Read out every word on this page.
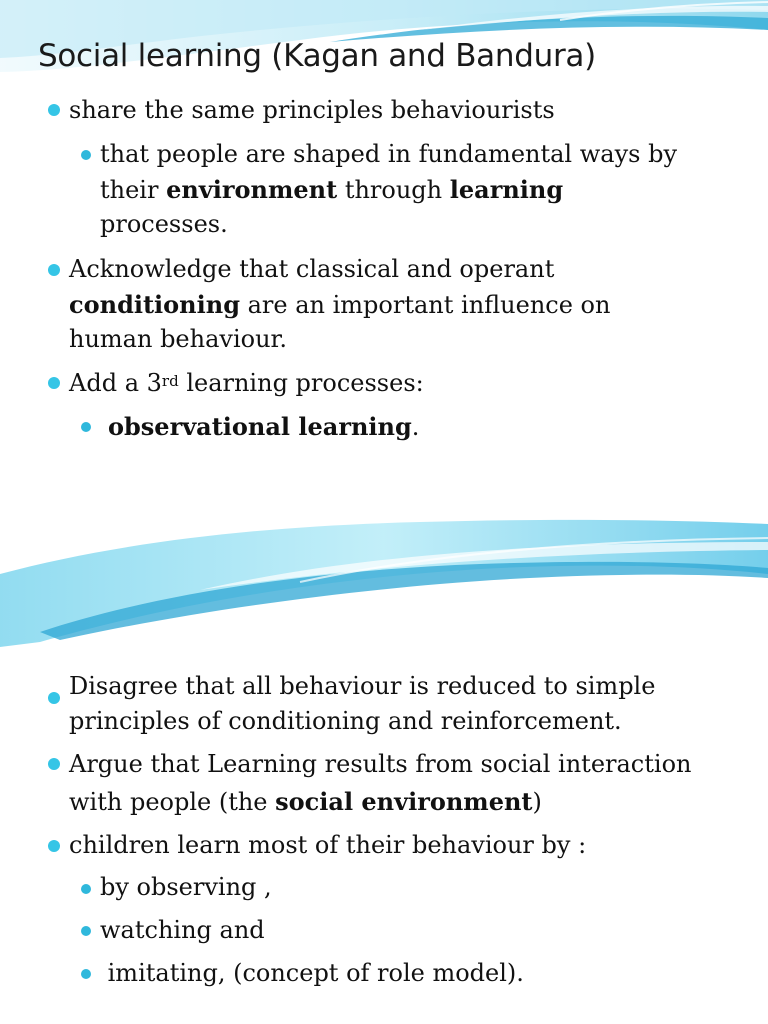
Social learning (Kagan and Bandura)
share the same principles behaviourists
that people are shaped in fundamental ways by
their environment through learning
processes.
Acknowledge that classical and operant
conditioning are an important influence on
human behaviour.
Add a 3rd learning processes:
observational learning.
Disagree that all behaviour is reduced to simple
principles of conditioning and reinforcement.
Argue that Learning results from social interaction
with people (the social environment)
children learn most of their behaviour by :
by observing ,
watching and
imitating, (concept of role model).
